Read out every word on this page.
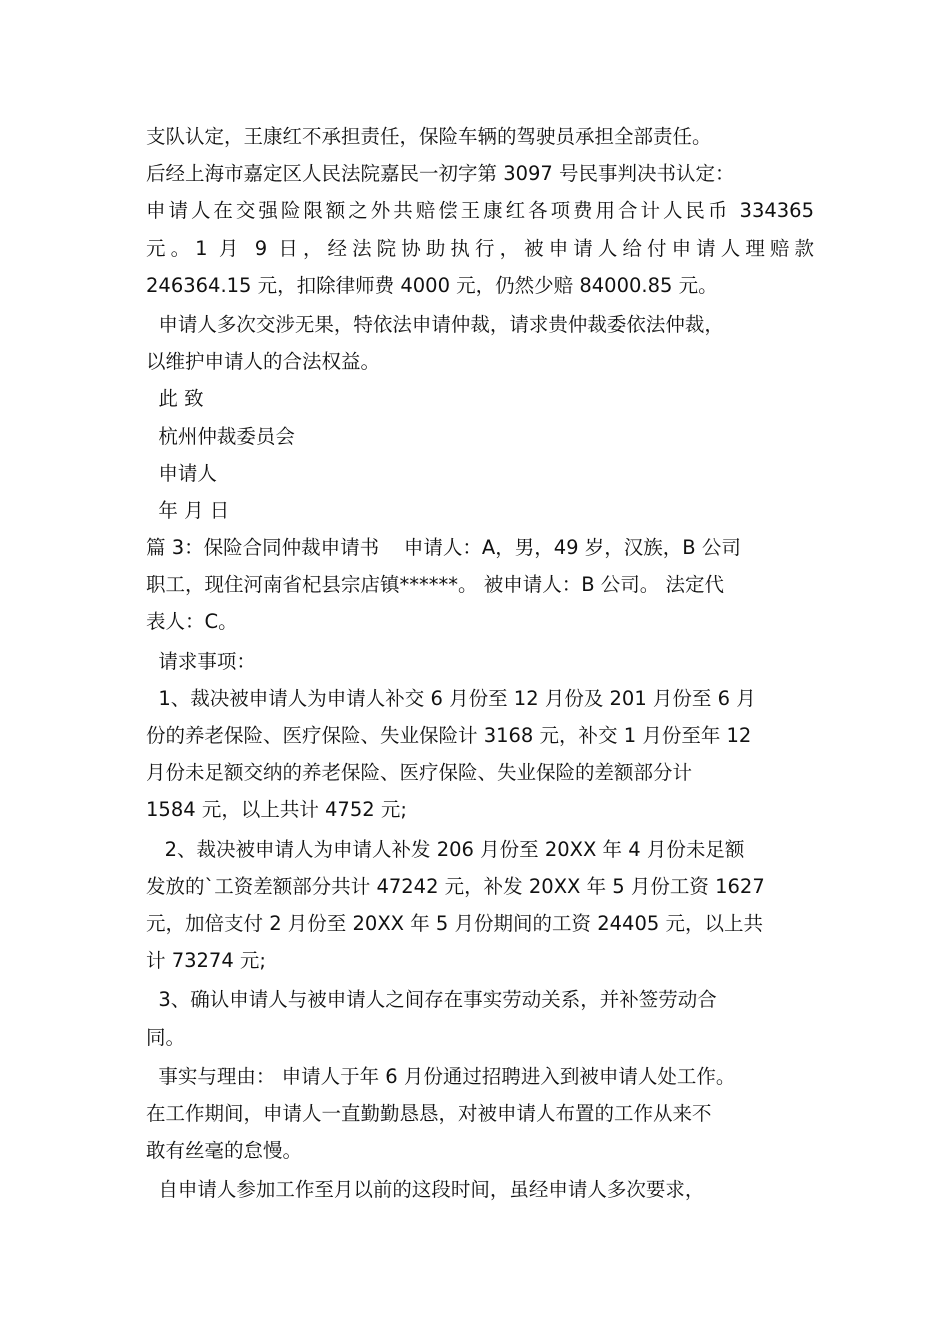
支队认定，王康红不承担责任，保险车辆的驾驶员承担全部责任。
后经上海市嘉定区人民法院嘉民一初字第 3097 号民事判决书认定：
申请人在交强险限额之外共赔偿王康红各项费用合计人民币 334365
元。1 月 9 日，经法院协助执行，被申请人给付申请人理赔款
246364.15 元，扣除律师费 4000 元，仍然少赔 84000.85 元。
申请人多次交涉无果，特依法申请仲裁，请求贵仲裁委依法仲裁，
以维护申请人的合法权益。
此 致
杭州仲裁委员会
申请人
年 月 日
篇 3：保险合同仲裁申请书    申请人：A，男，49 岁，汉族，B 公司
职工，现住河南省杞县宗店镇******。 被申请人：B 公司。 法定代
表人：C。
请求事项：
1、裁决被申请人为申请人补交 6 月份至 12 月份及 201 月份至 6 月
份的养老保险、医疗保险、失业保险计 3168 元，补交 1 月份至年 12
月份未足额交纳的养老保险、医疗保险、失业保险的差额部分计
1584 元，以上共计 4752 元;
2、裁决被申请人为申请人补发 206 月份至 20XX 年 4 月份未足额
发放的`工资差额部分共计 47242 元，补发 20XX 年 5 月份工资 1627
元，加倍支付 2 月份至 20XX 年 5 月份期间的工资 24405 元，以上共
计 73274 元;
3、确认申请人与被申请人之间存在事实劳动关系，并补签劳动合
同。
事实与理由： 申请人于年 6 月份通过招聘进入到被申请人处工作。
在工作期间，申请人一直勤勤恳恳，对被申请人布置的工作从来不
敢有丝毫的怠慢。
自申请人参加工作至月以前的这段时间，虽经申请人多次要求，
